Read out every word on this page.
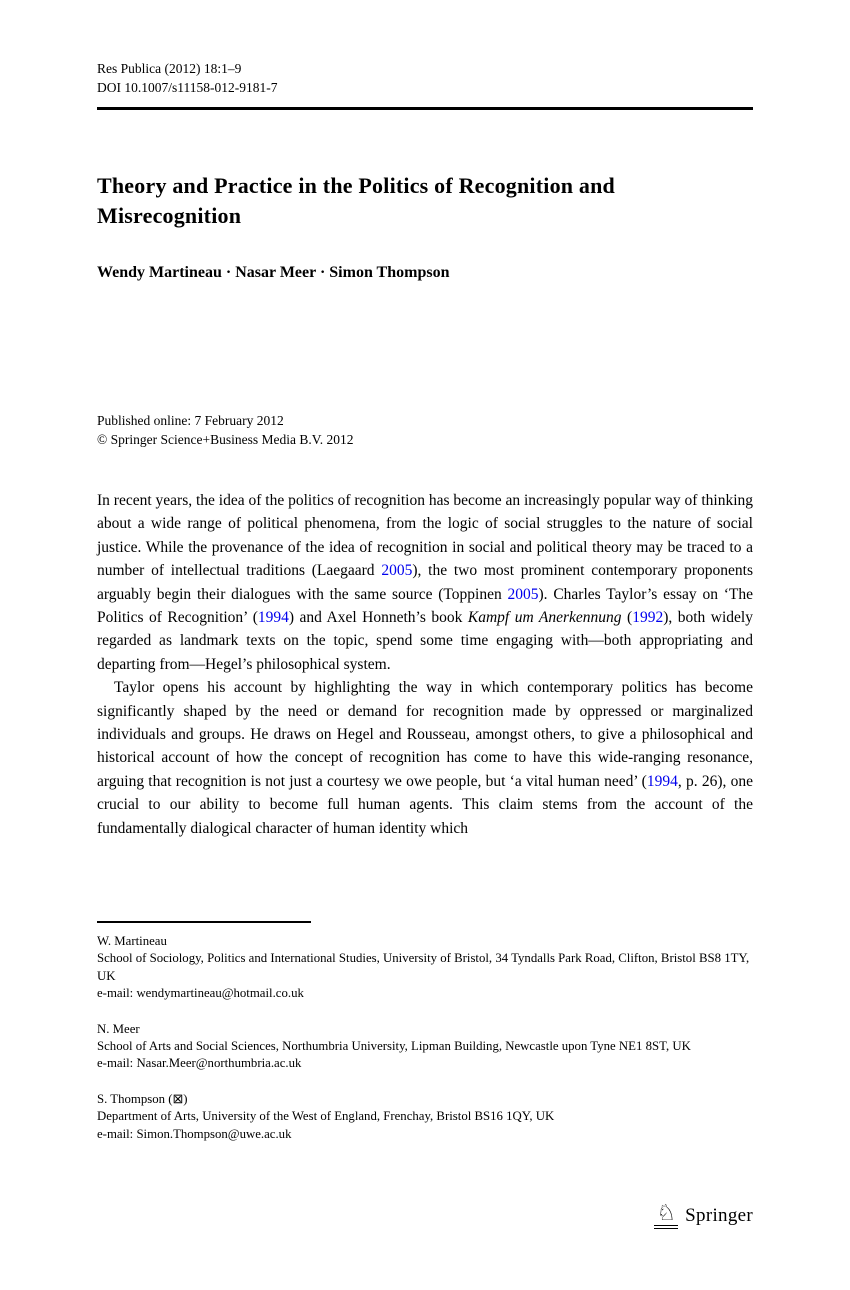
Res Publica (2012) 18:1–9
DOI 10.1007/s11158-012-9181-7
Theory and Practice in the Politics of Recognition and Misrecognition
Wendy Martineau · Nasar Meer · Simon Thompson
Published online: 7 February 2012
© Springer Science+Business Media B.V. 2012

In recent years, the idea of the politics of recognition has become an increasingly popular way of thinking about a wide range of political phenomena, from the logic of social struggles to the nature of social justice. While the provenance of the idea of recognition in social and political theory may be traced to a number of intellectual traditions (Laegaard 2005), the two most prominent contemporary proponents arguably begin their dialogues with the same source (Toppinen 2005). Charles Taylor’s essay on ‘The Politics of Recognition’ (1994) and Axel Honneth’s book Kampf um Anerkennung (1992), both widely regarded as landmark texts on the topic, spend some time engaging with—both appropriating and departing from—Hegel’s philosophical system.

Taylor opens his account by highlighting the way in which contemporary politics has become significantly shaped by the need or demand for recognition made by oppressed or marginalized individuals and groups. He draws on Hegel and Rousseau, amongst others, to give a philosophical and historical account of how the concept of recognition has come to have this wide-ranging resonance, arguing that recognition is not just a courtesy we owe people, but ‘a vital human need’ (1994, p. 26), one crucial to our ability to become full human agents. This claim stems from the account of the fundamentally dialogical character of human identity which

W. Martineau
School of Sociology, Politics and International Studies, University of Bristol, 34 Tyndalls Park Road, Clifton, Bristol BS8 1TY, UK
e-mail: wendymartineau@hotmail.co.uk
N. Meer
School of Arts and Social Sciences, Northumbria University, Lipman Building, Newcastle upon Tyne NE1 8ST, UK
e-mail: Nasar.Meer@northumbria.ac.uk
S. Thompson (⊠)
Department of Arts, University of the West of England, Frenchay, Bristol BS16 1QY, UK
e-mail: Simon.Thompson@uwe.ac.uk
♘ Springer
